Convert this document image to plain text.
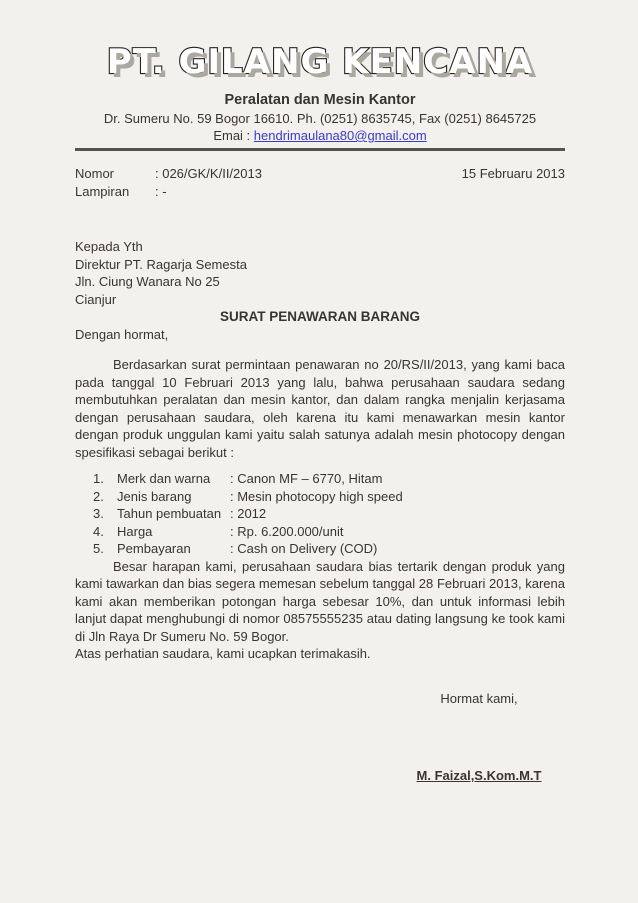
PT. GILANG KENCANA
Peralatan dan Mesin Kantor
Dr. Sumeru No. 59 Bogor 16610. Ph. (0251) 8635745, Fax (0251) 8645725
Emai : hendrimaulana80@gmail.com
Nomor	: 026/GK/K/II/2013	15 Februaru 2013
Lampiran : -
Kepada Yth
Direktur PT. Ragarja Semesta
Jln. Ciung Wanara No 25
Cianjur
SURAT PENAWARAN BARANG
Dengan hormat,
Berdasarkan surat permintaan penawaran no 20/RS/II/2013, yang kami baca pada tanggal 10 Februari 2013 yang lalu, bahwa perusahaan saudara sedang membutuhkan peralatan dan mesin kantor, dan dalam rangka menjalin kerjasama dengan perusahaan saudara, oleh karena itu kami menawarkan mesin kantor dengan produk unggulan kami yaitu salah satunya adalah mesin photocopy dengan spesifikasi sebagai berikut :
1. Merk dan warna : Canon MF – 6770, Hitam
2. Jenis barang	: Mesin photocopy high speed
3. Tahun pembuatan : 2012
4. Harga	: Rp. 6.200.000/unit
5. Pembayaran	: Cash on Delivery (COD)
Besar harapan kami, perusahaan saudara bias tertarik dengan produk yang kami tawarkan dan bias segera memesan sebelum tanggal 28 Februari 2013, karena kami akan memberikan potongan harga sebesar 10%, dan untuk informasi lebih lanjut dapat menghubungi di nomor 08575555235 atau dating langsung ke took kami di Jln Raya Dr Sumeru No. 59 Bogor.
Atas perhatian saudara, kami ucapkan terimakasih.
Hormat kami,
M. Faizal,S.Kom.M.T
